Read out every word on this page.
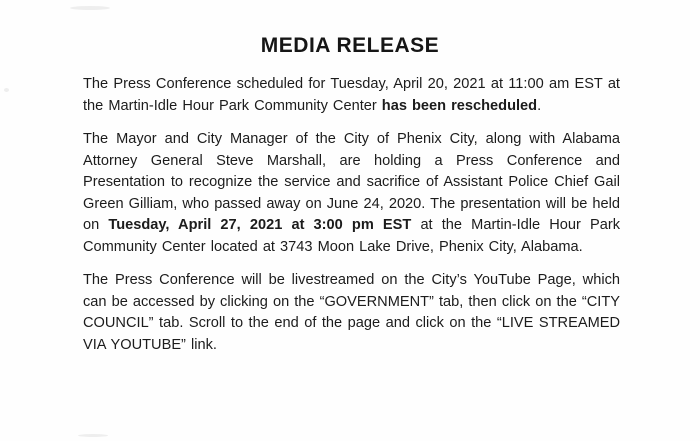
MEDIA RELEASE

The Press Conference scheduled for Tuesday, April 20, 2021 at 11:00 am EST at the Martin-Idle Hour Park Community Center has been rescheduled.

The Mayor and City Manager of the City of Phenix City, along with Alabama Attorney General Steve Marshall, are holding a Press Conference and Presentation to recognize the service and sacrifice of Assistant Police Chief Gail Green Gilliam, who passed away on June 24, 2020. The presentation will be held on Tuesday, April 27, 2021 at 3:00 pm EST at the Martin-Idle Hour Park Community Center located at 3743 Moon Lake Drive, Phenix City, Alabama.

The Press Conference will be livestreamed on the City’s YouTube Page, which can be accessed by clicking on the “GOVERNMENT” tab, then click on the “CITY COUNCIL” tab. Scroll to the end of the page and click on the “LIVE STREAMED VIA YOUTUBE” link.
